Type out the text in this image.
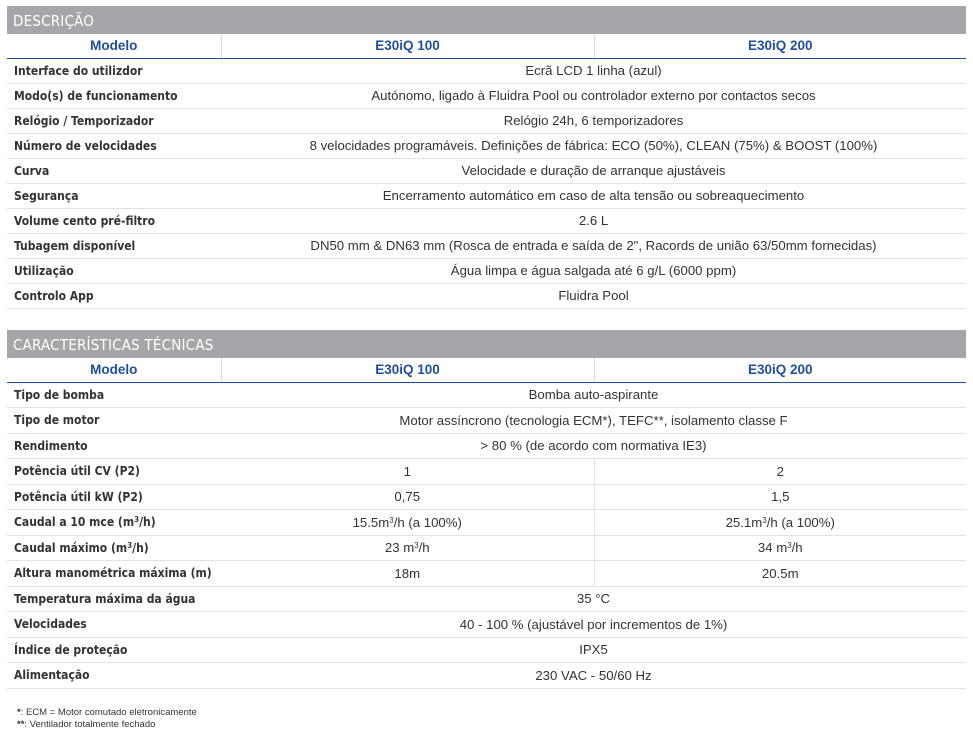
DESCRIÇÃO
Modelo	E30iQ 100	E30iQ 200
Interface do utilizdor	Ecrã LCD 1 linha (azul)	
Modo(s) de funcionamento	Autónomo, ligado à Fluidra Pool ou controlador externo por contactos secos	
Relógio / Temporizador	Relógio 24h, 6 temporizadores	
Número de velocidades	8 velocidades programáveis. Definições de fábrica: ECO (50%), CLEAN (75%) & BOOST (100%)	
Curva	Velocidade e duração de arranque ajustáveis	
Segurança	Encerramento automático em caso de alta tensão ou sobreaquecimento	
Volume cento pré-filtro	2.6 L	
Tubagem disponível	DN50 mm & DN63 mm (Rosca de entrada e saída de 2", Racords de união 63/50mm fornecidas)	
Utilização	Água limpa e água salgada até 6 g/L (6000 ppm)	
Controlo App	Fluidra Pool	
CARACTERÍSTICAS TÉCNICAS
Modelo	E30iQ 100	E30iQ 200
Tipo de bomba	Bomba auto-aspirante	
Tipo de motor	Motor assíncrono (tecnologia ECM*), TEFC**, isolamento classe F	
Rendimento	> 80 % (de acordo com normativa IE3)	
Potência útil CV (P2)	1	2
Potência útil kW (P2)	0,75	1,5
Caudal a 10 mce $(m^3/h)$	$15.5m^3/h$ (a 100%)	$25.1m^3/h$ (a 100%)
Caudal máximo $(m^3/h)$	23 $m^3/h$	34 $m^3/h$
Altura manométrica máxima (m)	18m	20.5m
Temperatura máxima da água	35 °C	
Velocidades	40 - 100 % (ajustável por incrementos de 1%)	
Índice de proteção	IPX5	
Alimentação	230 VAC - 50/60 Hz	
*: ECM = Motor comutado eletronicamente
**: Ventilador totalmente fechado
